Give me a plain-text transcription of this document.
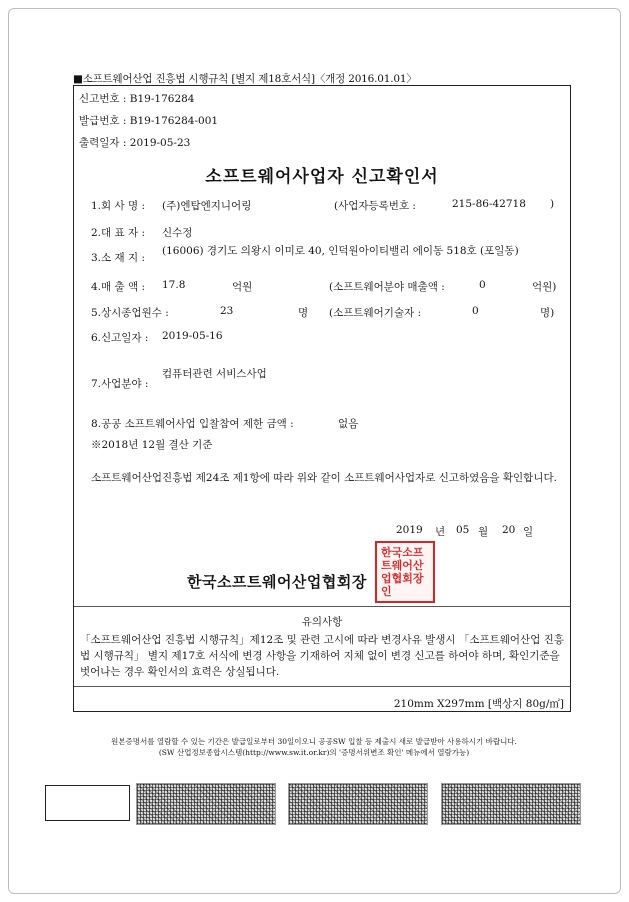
■소프트웨어산업 진흥법 시행규칙 [별지 제18호서식]〈개정 2016.01.01〉
신고번호 : B19-176284
발급번호 : B19-176284-001
출력일자 : 2019-05-23
소프트웨어사업자 신고확인서
1.회 사 명 : (주)엔탑엔지니어링	(사업자등록번호 :	215-86-42718 )
2.대 표 자 : 신수정
3.소 재 지 :
(16006) 경기도 의왕시 이미로 40, 인덕원아이티밸리 에이동 518호 (포일동)
4.매 출 액 : 17.8	억원	(소프트웨어분야 매출액 :	0	억원)
5.상시종업원수 :	23	명 (소프트웨어기술자 :	0	명)
6.신고일자 : 2019-05-16
7.사업분야 :
컴퓨터관련 서비스사업
8.공공 소프트웨어사업 입찰참여 제한 금액 :	없음
※2018년 12월 결산 기준
소프트웨어산업진흥법 제24조 제1항에 따라 위와 같이 소프트웨어사업자로 신고하였음을 확인합니다.
2019 년 05 월 20 일
한국소프트웨어산업협회장
한국소프트웨어산업협회장인
유의사항
「소프트웨어산업 진흥법 시행규칙」제12조 및 관련 고시에 따라 변경사유 발생시 「소프트웨어산업 진흥법 시행규칙」 별지 제17호 서식에 변경 사항을 기재하여 지체 없이 변경 신고를 하여야 하며, 확인기준을 벗어나는 경우 확인서의 효력은 상실됩니다.
210mm X297mm [백상지 80g/㎡]
원본증명서를 열람할 수 있는 기간은 발급일로부터 30일이오니 공공SW 입찰 등 제출시 새로 발급받아 사용하시기 바랍니다.
(SW 산업정보종합시스템(http://www.sw.it.or.kr)의 '증명서위변조 확인' 메뉴에서 열람가능)
